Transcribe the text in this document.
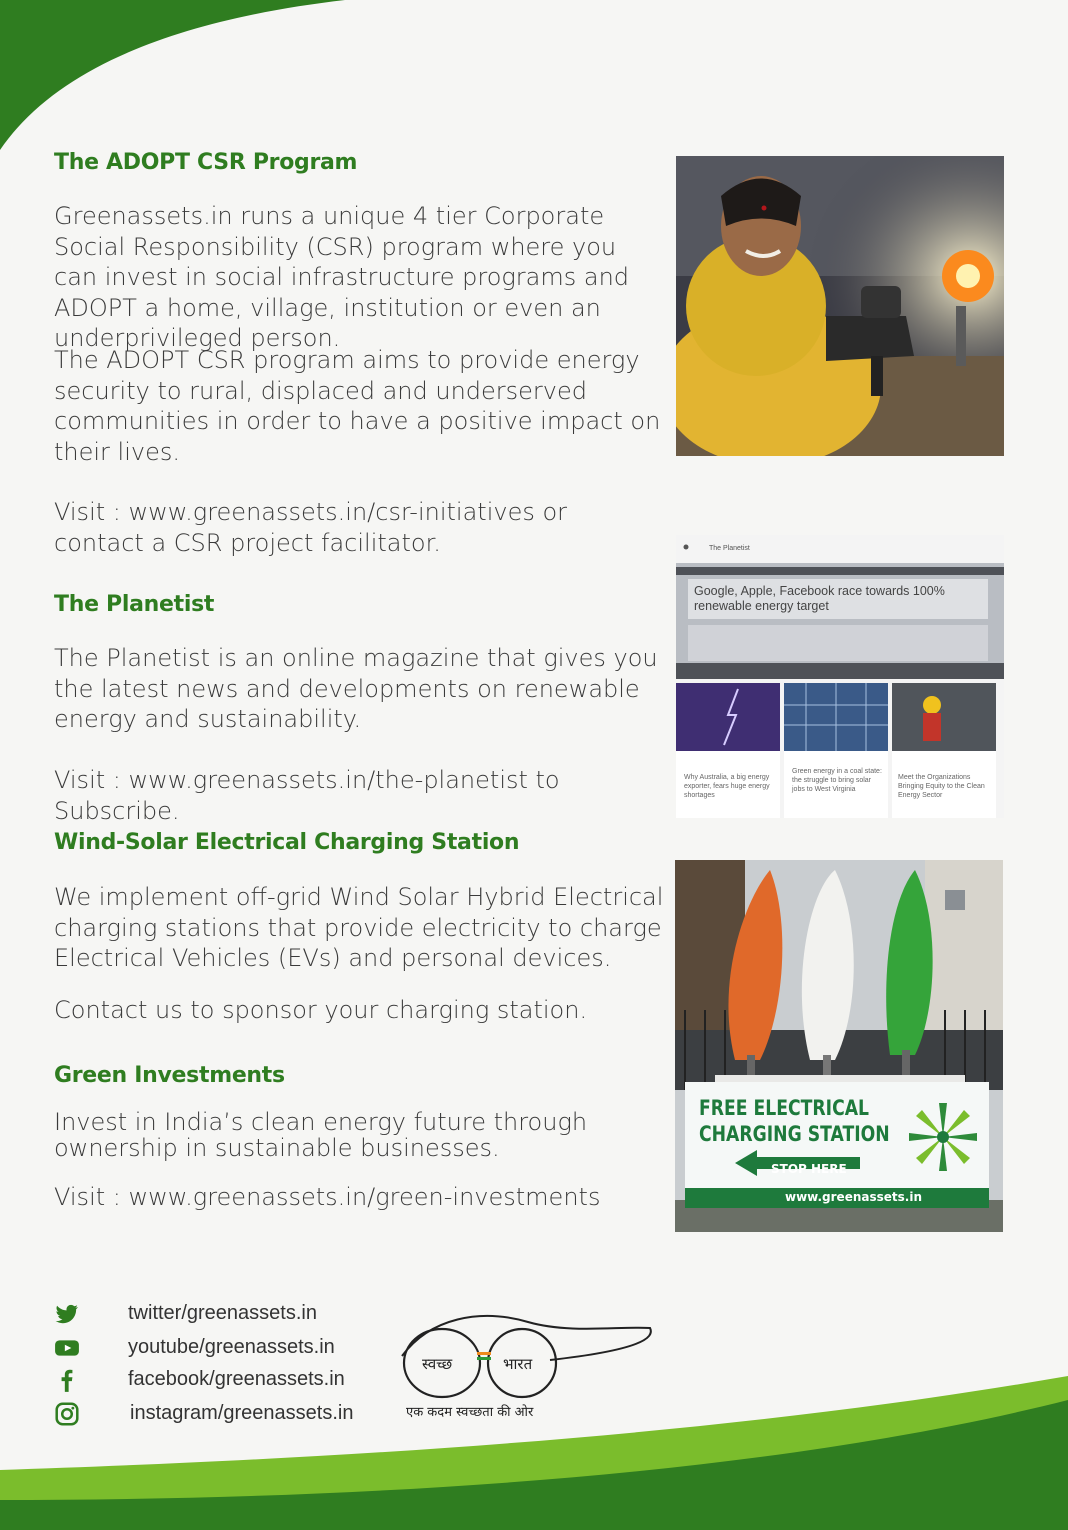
The ADOPT CSR Program

Greenassets.in runs a unique 4 tier Corporate Social Responsibility (CSR) program where you can invest in social infrastructure programs and ADOPT a home, village, institution or even an underprivileged person.

The ADOPT CSR program aims to provide energy security to rural, displaced and underserved communities in order to have a positive impact on their lives.

Visit : www.greenassets.in/csr-initiatives or contact a CSR project facilitator.

The Planetist

The Planetist is an online magazine that gives you the latest news and developments on renewable energy and sustainability.

Visit : www.greenassets.in/the-planetist to Subscribe.

Wind-Solar Electrical Charging Station

We implement off-grid Wind Solar Hybrid Electrical charging stations that provide electricity to charge Electrical Vehicles (EVs) and personal devices.

Contact us to sponsor your charging station.

Green Investments

Invest in India’s clean energy future through ownership in sustainable businesses.

Visit : www.greenassets.in/green-investments

The Planetist
Google, Apple, Facebook race towards 100% renewable energy target
Why Australia, a big energy exporter, fears huge energy shortages
Green energy in a coal state: the struggle to bring solar jobs to West Virginia
Meet the Organizations Bringing Equity to the Clean Energy Sector
FREE ELECTRICAL
CHARGING STATION
STOP HERE
www.greenassets.in
twitter/greenassets.in
youtube/greenassets.in
facebook/greenassets.in
instagram/greenassets.in
स्वच्छ	भारत
एक कदम स्वच्छता की ओर
